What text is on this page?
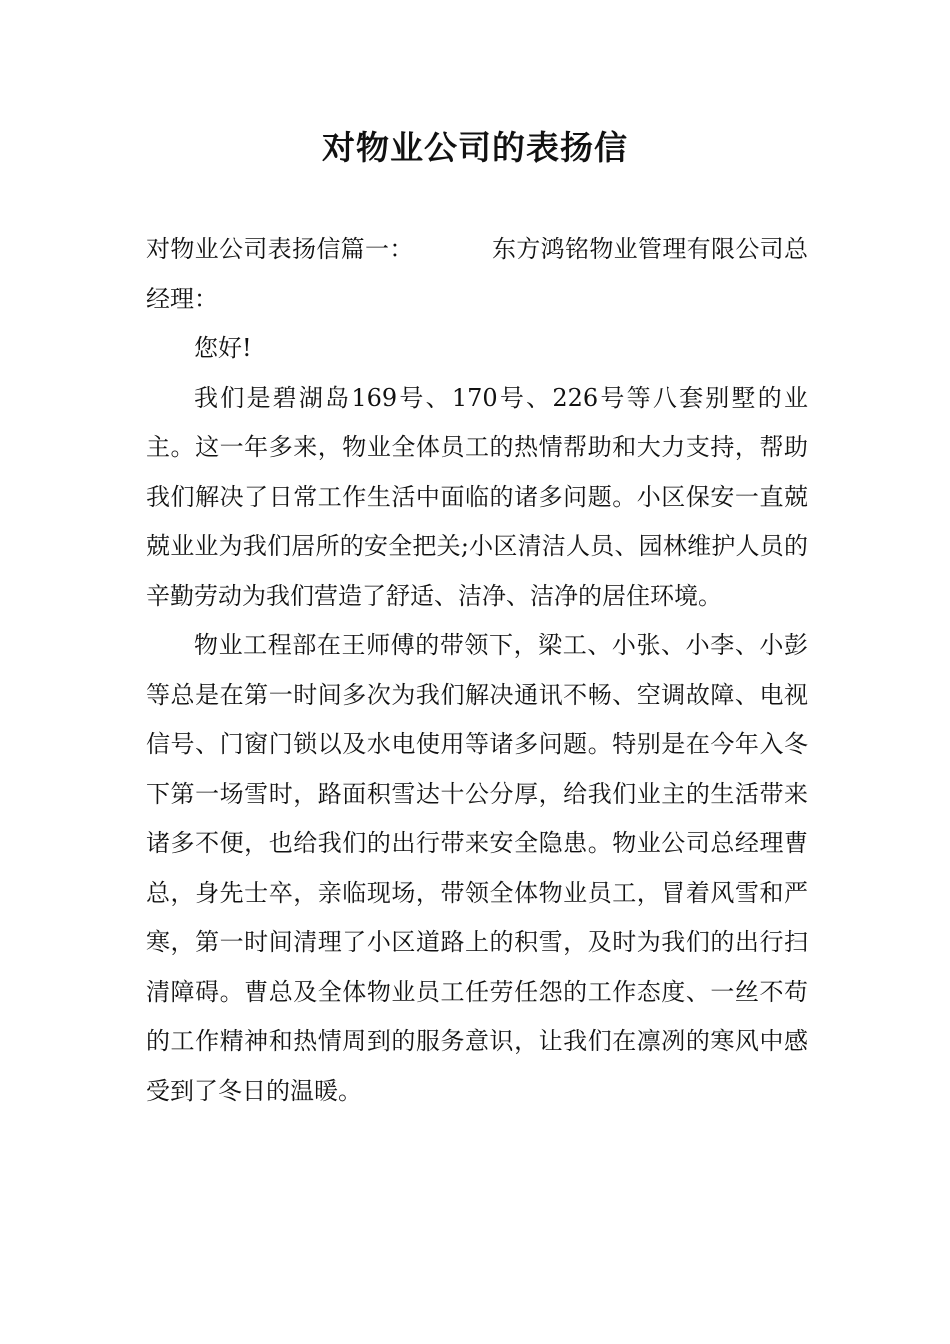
对物业公司的表扬信

对物业公司表扬信篇一：	东方鸿铭物业管理有限公司总经理：

您好!

我们是碧湖岛169号、170号、226号等八套别墅的业主。这一年多来，物业全体员工的热情帮助和大力支持，帮助我们解决了日常工作生活中面临的诸多问题。小区保安一直兢兢业业为我们居所的安全把关;小区清洁人员、园林维护人员的辛勤劳动为我们营造了舒适、洁净、洁净的居住环境。

物业工程部在王师傅的带领下，梁工、小张、小李、小彭等总是在第一时间多次为我们解决通讯不畅、空调故障、电视信号、门窗门锁以及水电使用等诸多问题。特别是在今年入冬下第一场雪时，路面积雪达十公分厚，给我们业主的生活带来诸多不便，也给我们的出行带来安全隐患。物业公司总经理曹总，身先士卒，亲临现场，带领全体物业员工，冒着风雪和严寒，第一时间清理了小区道路上的积雪，及时为我们的出行扫清障碍。曹总及全体物业员工任劳任怨的工作态度、一丝不苟的工作精神和热情周到的服务意识，让我们在凛冽的寒风中感受到了冬日的温暖。
